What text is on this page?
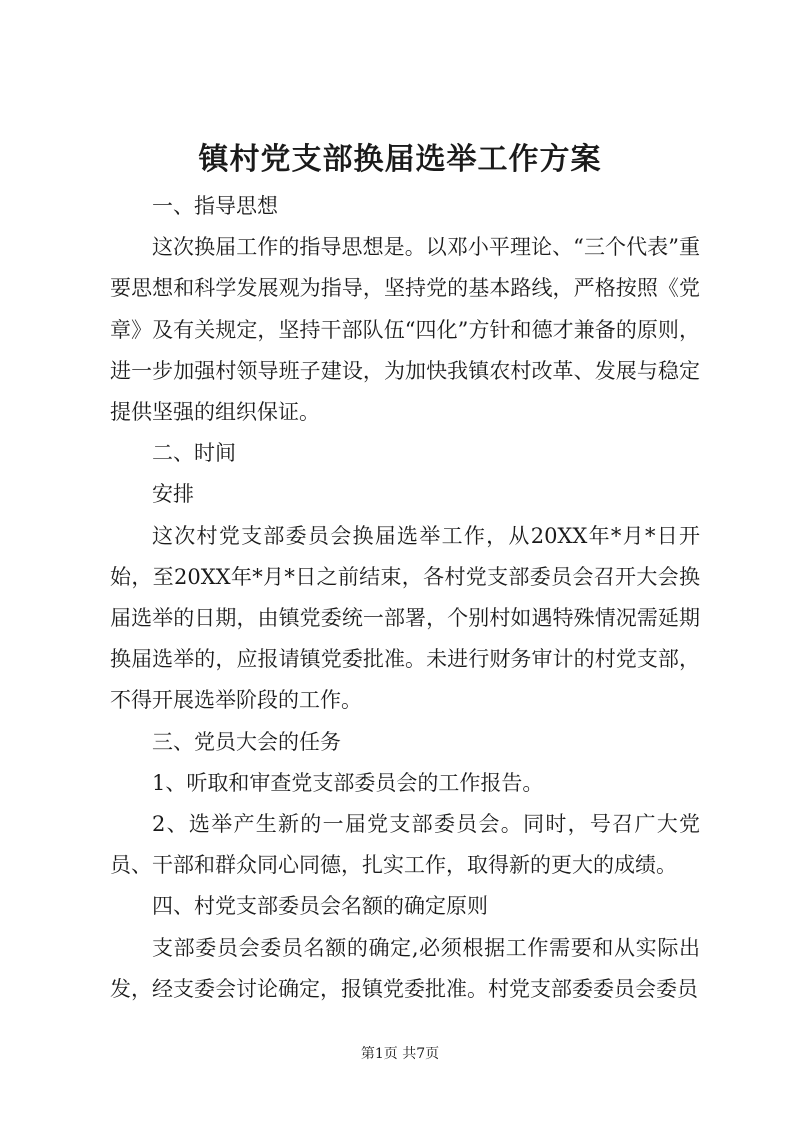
镇村党支部换届选举工作方案

一、指导思想

这次换届工作的指导思想是。以邓小平理论、“三个代表”重要思想和科学发展观为指导，坚持党的基本路线，严格按照《党章》及有关规定，坚持干部队伍“四化”方针和德才兼备的原则，进一步加强村领导班子建设，为加快我镇农村改革、发展与稳定提供坚强的组织保证。

二、时间

安排

这次村党支部委员会换届选举工作，从20XX年*月*日开始，至20XX年*月*日之前结束，各村党支部委员会召开大会换届选举的日期，由镇党委统一部署，个别村如遇特殊情况需延期换届选举的，应报请镇党委批准。未进行财务审计的村党支部，不得开展选举阶段的工作。

三、党员大会的任务

1、听取和审查党支部委员会的工作报告。

2、选举产生新的一届党支部委员会。同时，号召广大党员、干部和群众同心同德，扎实工作，取得新的更大的成绩。

四、村党支部委员会名额的确定原则

支部委员会委员名额的确定,必须根据工作需要和从实际出发，经支委会讨论确定，报镇党委批准。村党支部委委员会委员

第1页 共7页
